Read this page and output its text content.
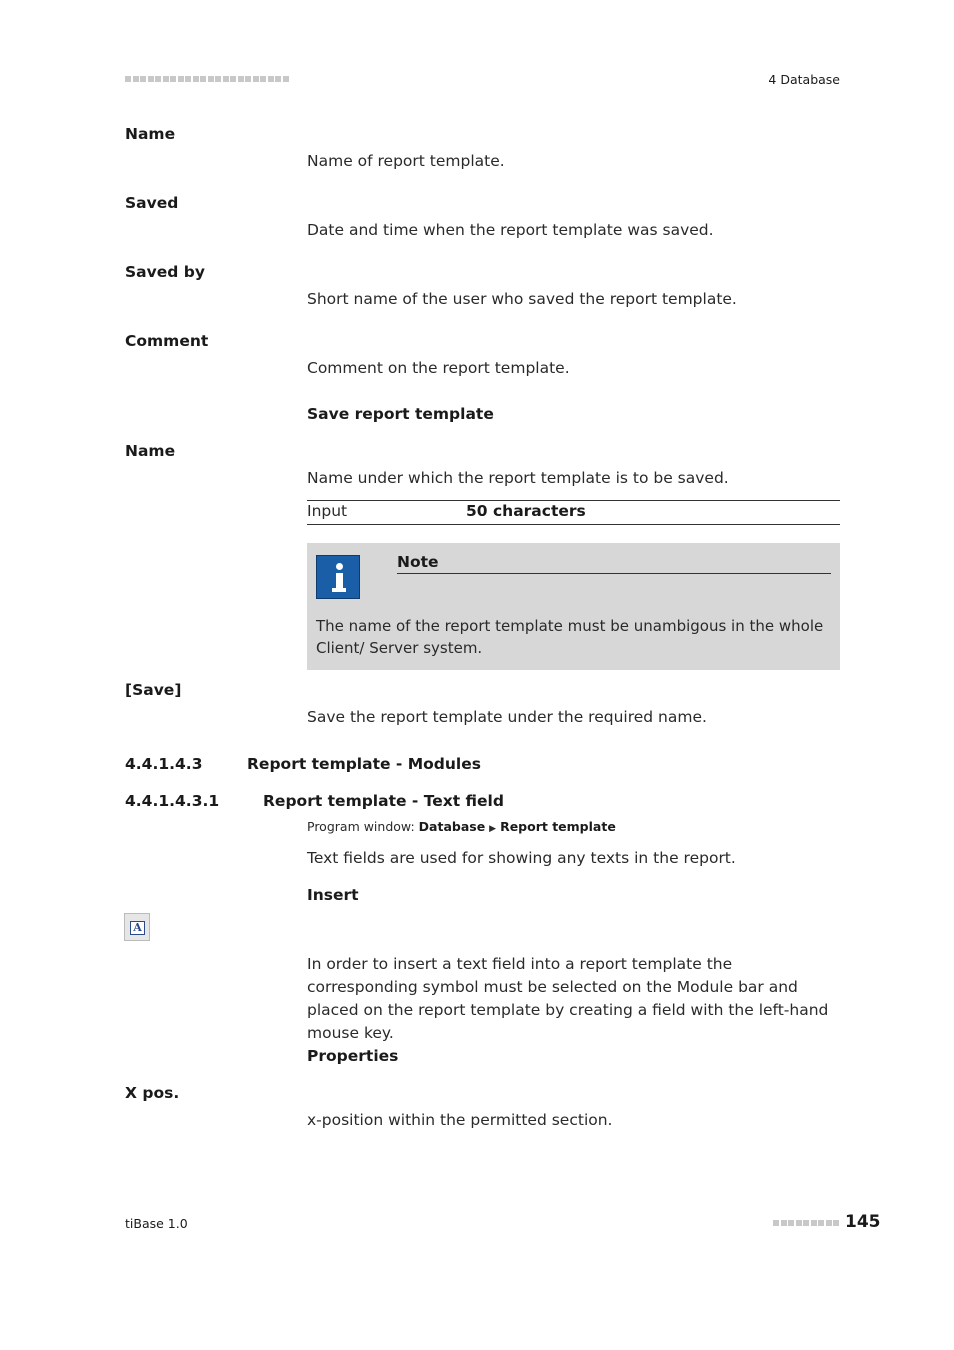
4 Database
Name
Name of report template.
Saved
Date and time when the report template was saved.
Saved by
Short name of the user who saved the report template.
Comment
Comment on the report template.
Save report template
Name
Name under which the report template is to be saved.
Input	50 characters
Note
The name of the report template must be unambigous in the whole Client/ Server system.
[Save]
Save the report template under the required name.
4.4.1.4.3	Report template - Modules
4.4.1.4.3.1	Report template - Text field
Program window: Database ▶ Report template
Text fields are used for showing any texts in the report.
Insert
A
In order to insert a text field into a report template the corresponding symbol must be selected on the Module bar and placed on the report template by creating a field with the left-hand mouse key.
Properties
X pos.
x-position within the permitted section.
tiBase 1.0	145
